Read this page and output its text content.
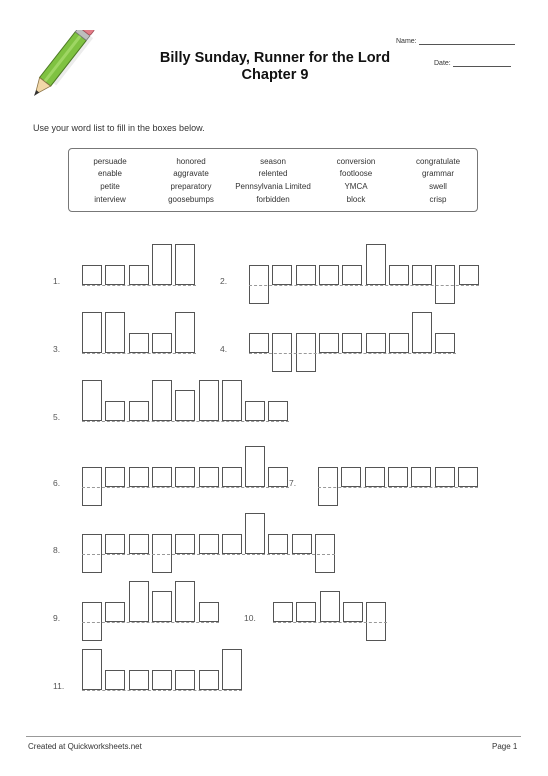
Billy Sunday, Runner for the Lord Chapter 9
Name:
Date:
Use your word list to fill in the boxes below.
persuade	honored	season	conversion	congratulate
enable	aggravate	relented	footloose	grammar
petite	preparatory	Pennsylvania Limited	YMCA	swell
interview	goosebumps	forbidden	block	crisp
1.	2.
3.	4.
5.
6.	7.
8.
9.	10.
11.
Created at Quickworksheets.net	Page 1
